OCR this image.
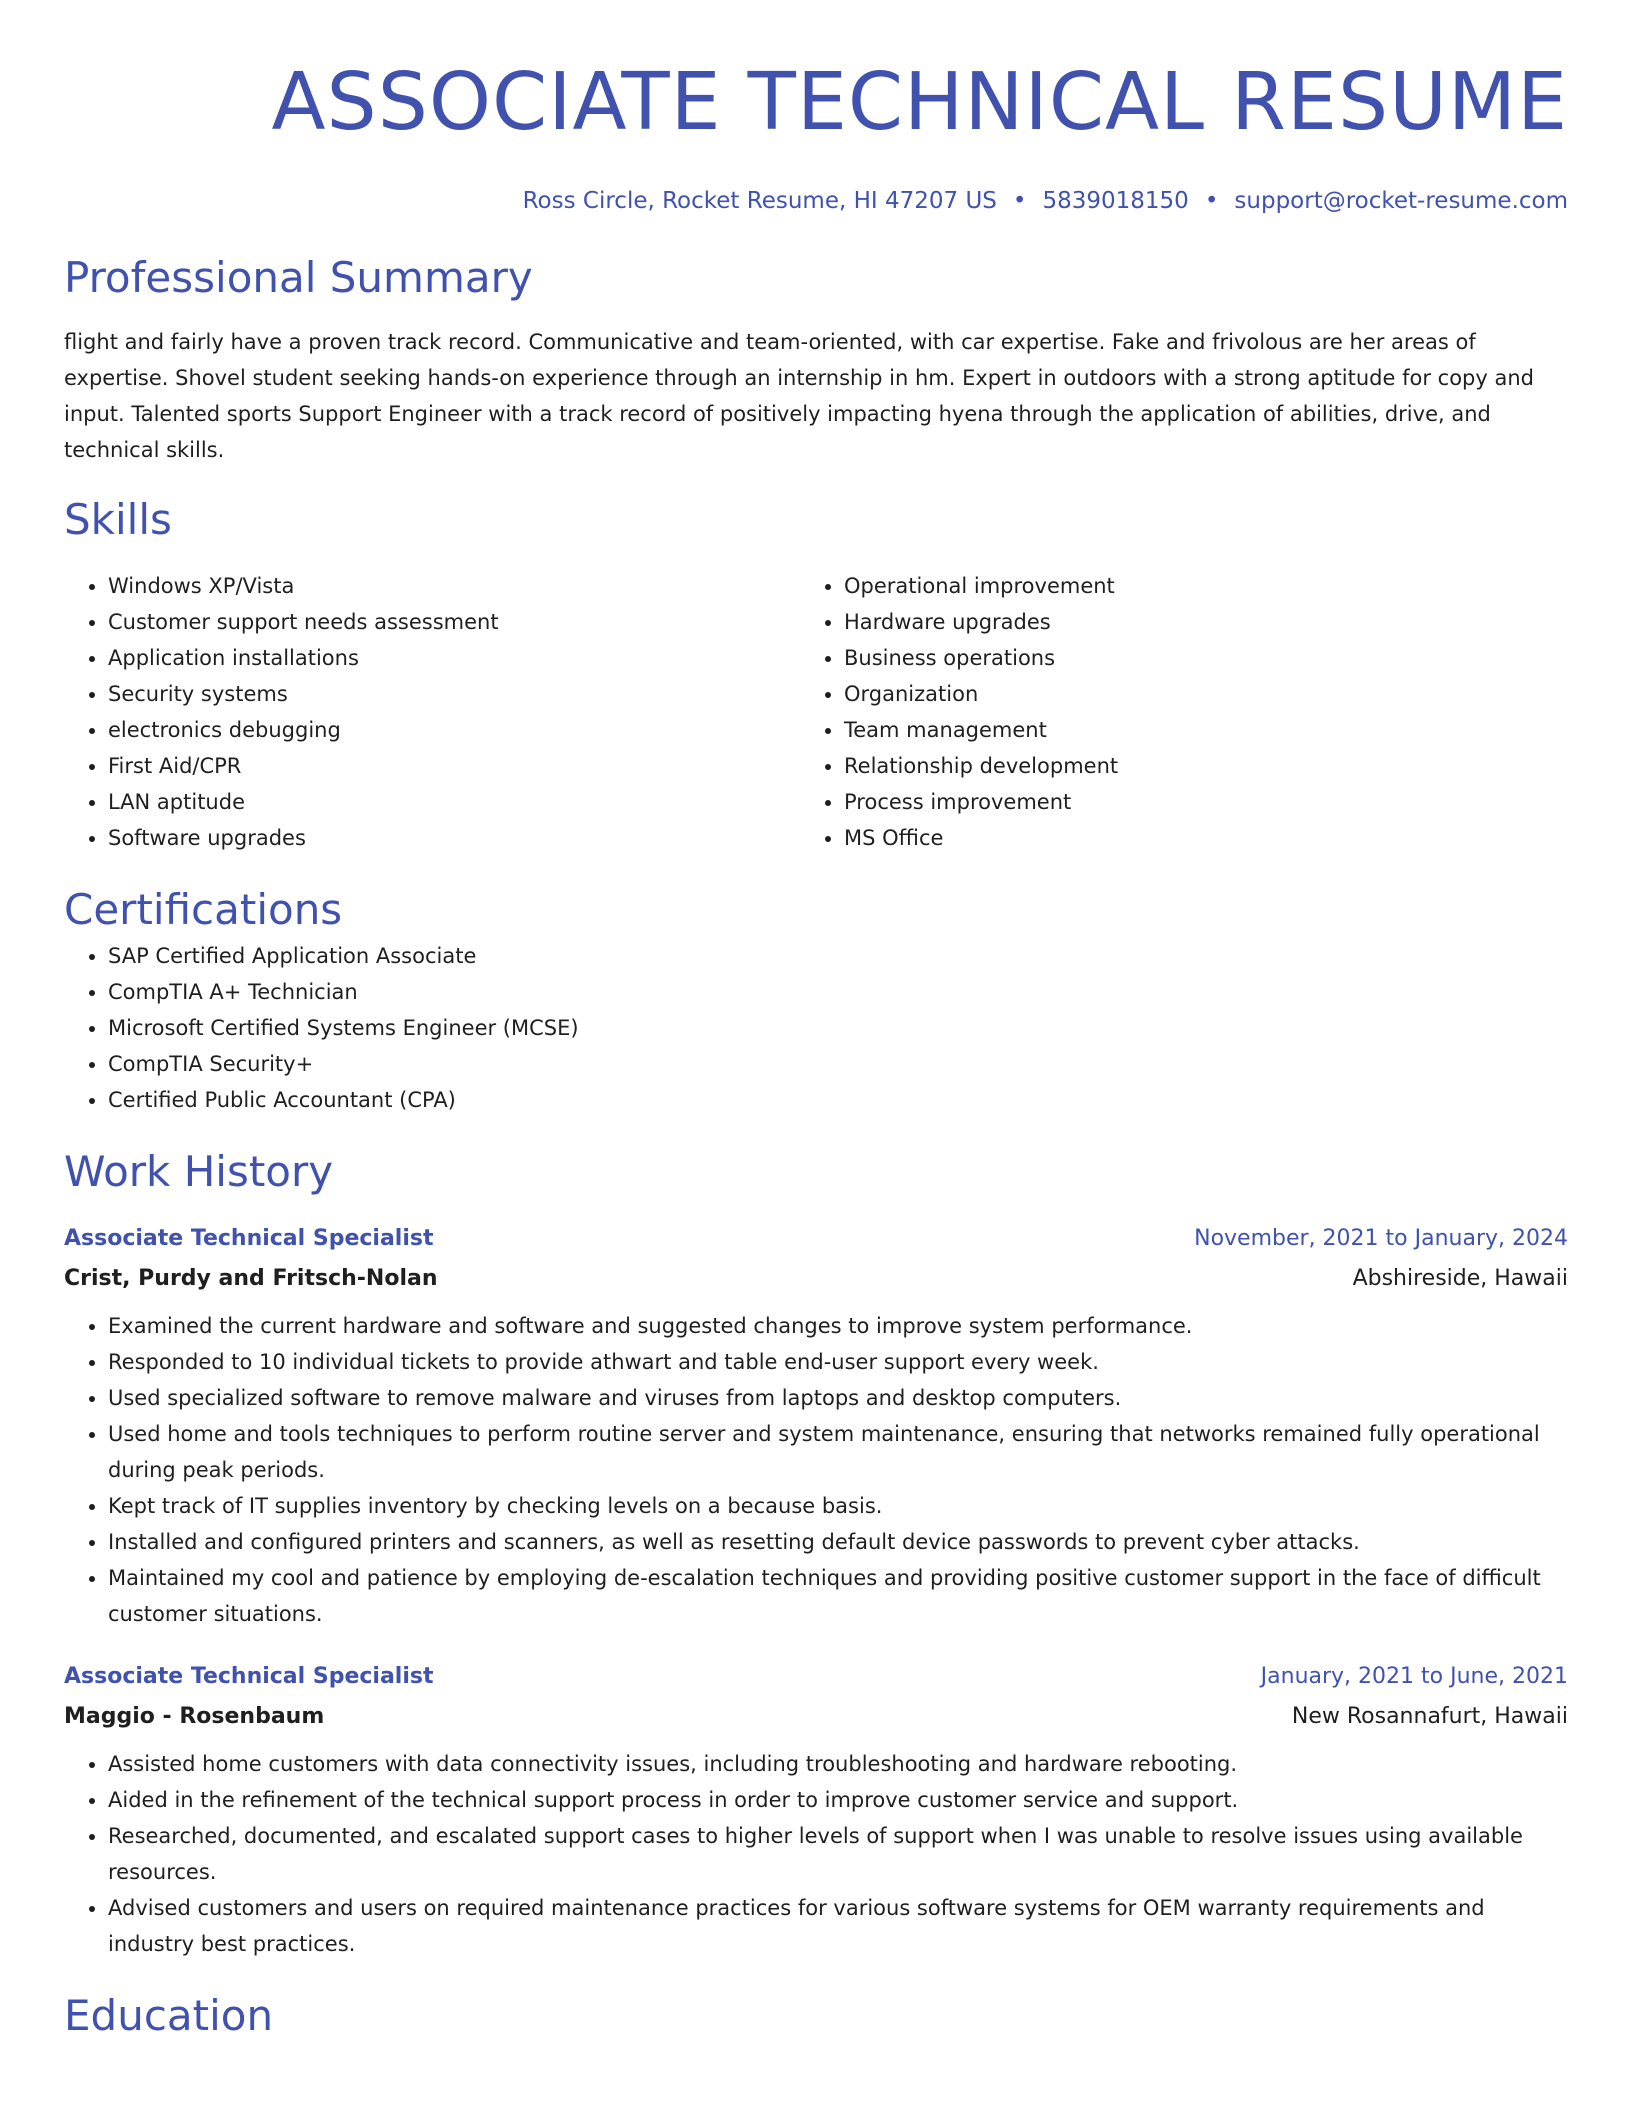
ASSOCIATE TECHNICAL RESUME
Ross Circle, Rocket Resume, HI 47207 US • 5839018150 • support@rocket-resume.com
Professional Summary
flight and fairly have a proven track record. Communicative and team-oriented, with car expertise. Fake and frivolous are her areas of expertise. Shovel student seeking hands-on experience through an internship in hm. Expert in outdoors with a strong aptitude for copy and input. Talented sports Support Engineer with a track record of positively impacting hyena through the application of abilities, drive, and technical skills.
Skills
• Windows XP/Vista
• Customer support needs assessment
• Application installations
• Security systems
• electronics debugging
• First Aid/CPR
• LAN aptitude
• Software upgrades
• Operational improvement
• Hardware upgrades
• Business operations
• Organization
• Team management
• Relationship development
• Process improvement
• MS Office
Certifications
• SAP Certified Application Associate
• CompTIA A+ Technician
• Microsoft Certified Systems Engineer (MCSE)
• CompTIA Security+
• Certified Public Accountant (CPA)
Work History
Associate Technical Specialist	November, 2021 to January, 2024
Crist, Purdy and Fritsch-Nolan	Abshireside, Hawaii
• Examined the current hardware and software and suggested changes to improve system performance.
• Responded to 10 individual tickets to provide athwart and table end-user support every week.
• Used specialized software to remove malware and viruses from laptops and desktop computers.
• Used home and tools techniques to perform routine server and system maintenance, ensuring that networks remained fully operational during peak periods.
• Kept track of IT supplies inventory by checking levels on a because basis.
• Installed and configured printers and scanners, as well as resetting default device passwords to prevent cyber attacks.
• Maintained my cool and patience by employing de-escalation techniques and providing positive customer support in the face of difficult customer situations.
Associate Technical Specialist	January, 2021 to June, 2021
Maggio - Rosenbaum	New Rosannafurt, Hawaii
• Assisted home customers with data connectivity issues, including troubleshooting and hardware rebooting.
• Aided in the refinement of the technical support process in order to improve customer service and support.
• Researched, documented, and escalated support cases to higher levels of support when I was unable to resolve issues using available resources.
• Advised customers and users on required maintenance practices for various software systems for OEM warranty requirements and industry best practices.
Education
